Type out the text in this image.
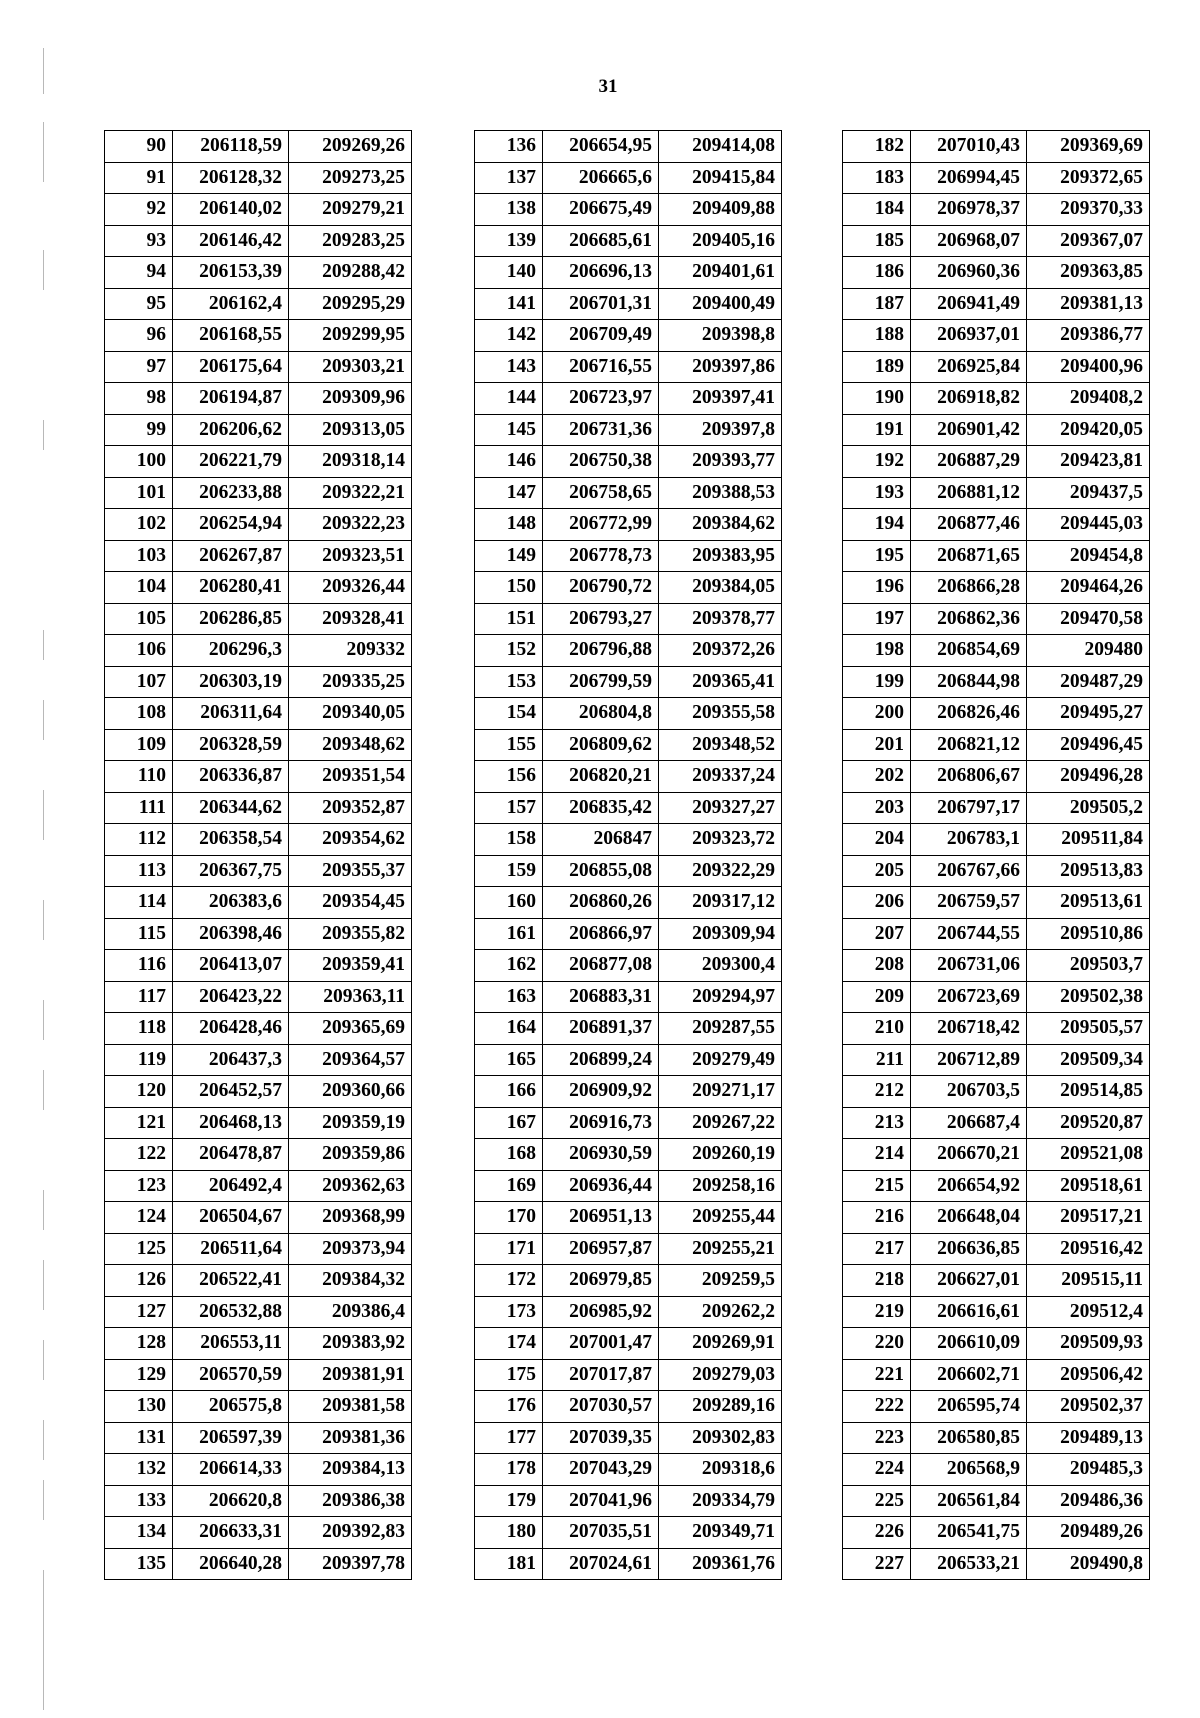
31
90	206118,59	209269,26
91	206128,32	209273,25
92	206140,02	209279,21
93	206146,42	209283,25
94	206153,39	209288,42
95	206162,4	209295,29
96	206168,55	209299,95
97	206175,64	209303,21
98	206194,87	209309,96
99	206206,62	209313,05
100	206221,79	209318,14
101	206233,88	209322,21
102	206254,94	209322,23
103	206267,87	209323,51
104	206280,41	209326,44
105	206286,85	209328,41
106	206296,3	209332
107	206303,19	209335,25
108	206311,64	209340,05
109	206328,59	209348,62
110	206336,87	209351,54
111	206344,62	209352,87
112	206358,54	209354,62
113	206367,75	209355,37
114	206383,6	209354,45
115	206398,46	209355,82
116	206413,07	209359,41
117	206423,22	209363,11
118	206428,46	209365,69
119	206437,3	209364,57
120	206452,57	209360,66
121	206468,13	209359,19
122	206478,87	209359,86
123	206492,4	209362,63
124	206504,67	209368,99
125	206511,64	209373,94
126	206522,41	209384,32
127	206532,88	209386,4
128	206553,11	209383,92
129	206570,59	209381,91
130	206575,8	209381,58
131	206597,39	209381,36
132	206614,33	209384,13
133	206620,8	209386,38
134	206633,31	209392,83
135	206640,28	209397,78
136	206654,95	209414,08
137	206665,6	209415,84
138	206675,49	209409,88
139	206685,61	209405,16
140	206696,13	209401,61
141	206701,31	209400,49
142	206709,49	209398,8
143	206716,55	209397,86
144	206723,97	209397,41
145	206731,36	209397,8
146	206750,38	209393,77
147	206758,65	209388,53
148	206772,99	209384,62
149	206778,73	209383,95
150	206790,72	209384,05
151	206793,27	209378,77
152	206796,88	209372,26
153	206799,59	209365,41
154	206804,8	209355,58
155	206809,62	209348,52
156	206820,21	209337,24
157	206835,42	209327,27
158	206847	209323,72
159	206855,08	209322,29
160	206860,26	209317,12
161	206866,97	209309,94
162	206877,08	209300,4
163	206883,31	209294,97
164	206891,37	209287,55
165	206899,24	209279,49
166	206909,92	209271,17
167	206916,73	209267,22
168	206930,59	209260,19
169	206936,44	209258,16
170	206951,13	209255,44
171	206957,87	209255,21
172	206979,85	209259,5
173	206985,92	209262,2
174	207001,47	209269,91
175	207017,87	209279,03
176	207030,57	209289,16
177	207039,35	209302,83
178	207043,29	209318,6
179	207041,96	209334,79
180	207035,51	209349,71
181	207024,61	209361,76
182	207010,43	209369,69
183	206994,45	209372,65
184	206978,37	209370,33
185	206968,07	209367,07
186	206960,36	209363,85
187	206941,49	209381,13
188	206937,01	209386,77
189	206925,84	209400,96
190	206918,82	209408,2
191	206901,42	209420,05
192	206887,29	209423,81
193	206881,12	209437,5
194	206877,46	209445,03
195	206871,65	209454,8
196	206866,28	209464,26
197	206862,36	209470,58
198	206854,69	209480
199	206844,98	209487,29
200	206826,46	209495,27
201	206821,12	209496,45
202	206806,67	209496,28
203	206797,17	209505,2
204	206783,1	209511,84
205	206767,66	209513,83
206	206759,57	209513,61
207	206744,55	209510,86
208	206731,06	209503,7
209	206723,69	209502,38
210	206718,42	209505,57
211	206712,89	209509,34
212	206703,5	209514,85
213	206687,4	209520,87
214	206670,21	209521,08
215	206654,92	209518,61
216	206648,04	209517,21
217	206636,85	209516,42
218	206627,01	209515,11
219	206616,61	209512,4
220	206610,09	209509,93
221	206602,71	209506,42
222	206595,74	209502,37
223	206580,85	209489,13
224	206568,9	209485,3
225	206561,84	209486,36
226	206541,75	209489,26
227	206533,21	209490,8
